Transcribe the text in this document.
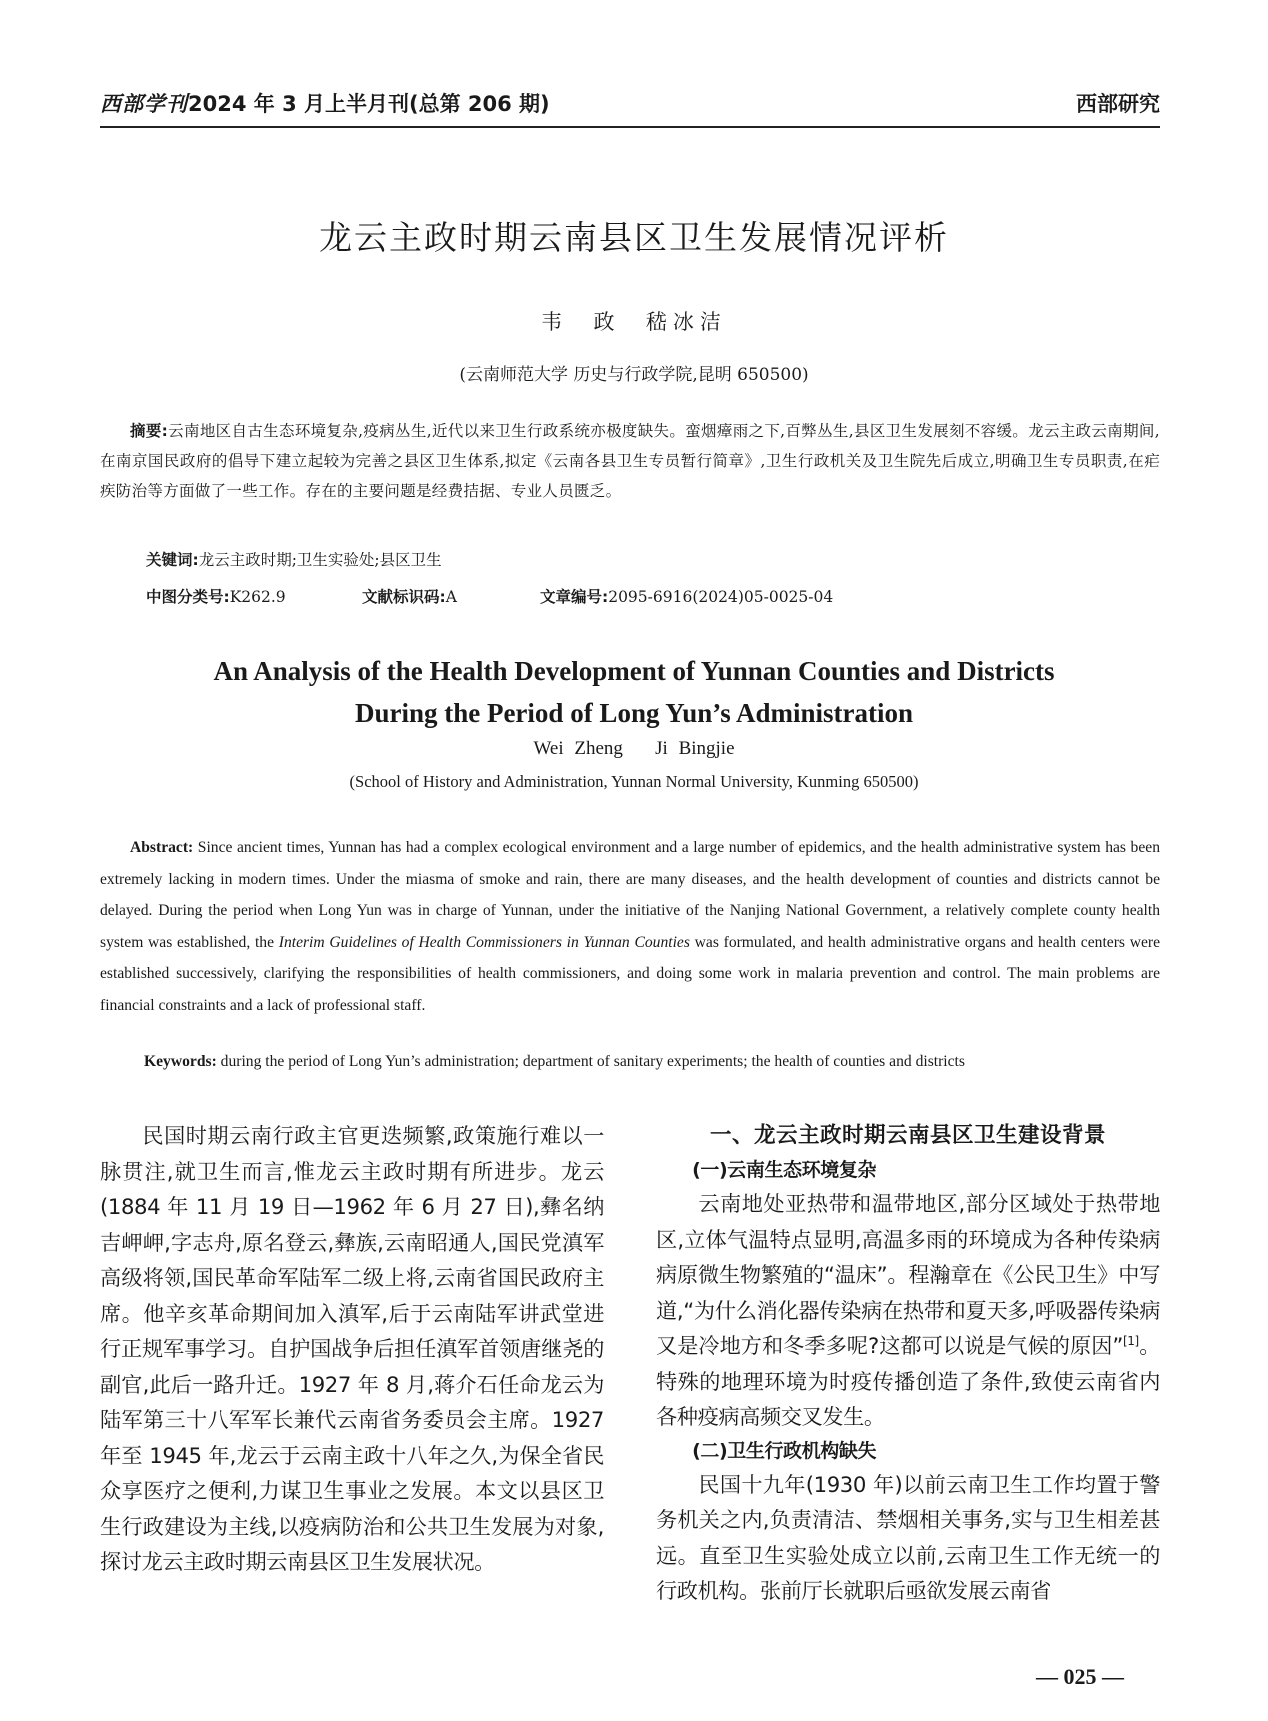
西部学刊2024 年 3 月上半月刊(总第 206 期)	西部研究
龙云主政时期云南县区卫生发展情况评析
韦  政  嵇冰洁
(云南师范大学 历史与行政学院,昆明 650500)
摘要:云南地区自古生态环境复杂,疫病丛生,近代以来卫生行政系统亦极度缺失。蛮烟瘴雨之下,百弊丛生,县区卫生发展刻不容缓。龙云主政云南期间,在南京国民政府的倡导下建立起较为完善之县区卫生体系,拟定《云南各县卫生专员暂行简章》,卫生行政机关及卫生院先后成立,明确卫生专员职责,在疟疾防治等方面做了一些工作。存在的主要问题是经费拮据、专业人员匮乏。
关键词:龙云主政时期;卫生实验处;县区卫生
中图分类号:K262.9	文献标识码:A	文章编号:2095-6916(2024)05-0025-04
An Analysis of the Health Development of Yunnan Counties and Districts
During the Period of Long Yun’s Administration
Wei Zheng   Ji Bingjie
(School of History and Administration, Yunnan Normal University, Kunming 650500)
Abstract: Since ancient times, Yunnan has had a complex ecological environment and a large number of epidemics, and the health administrative system has been extremely lacking in modern times. Under the miasma of smoke and rain, there are many diseases, and the health development of counties and districts cannot be delayed. During the period when Long Yun was in charge of Yunnan, under the initiative of the Nanjing National Government, a relatively complete county health system was established, the Interim Guidelines of Health Commissioners in Yunnan Counties was formulated, and health administrative organs and health centers were established successively, clarifying the responsibilities of health commissioners, and doing some work in malaria prevention and control. The main problems are financial constraints and a lack of professional staff.
Keywords: during the period of Long Yun’s administration; department of sanitary experiments; the health of counties and districts

民国时期云南行政主官更迭频繁,政策施行难以一脉贯注,就卫生而言,惟龙云主政时期有所进步。龙云(1884 年 11 月 19 日—1962 年 6 月 27 日),彝名纳吉岬岬,字志舟,原名登云,彝族,云南昭通人,国民党滇军高级将领,国民革命军陆军二级上将,云南省国民政府主席。他辛亥革命期间加入滇军,后于云南陆军讲武堂进行正规军事学习。自护国战争后担任滇军首领唐继尧的副官,此后一路升迁。1927 年 8 月,蒋介石任命龙云为陆军第三十八军军长兼代云南省务委员会主席。1927 年至 1945 年,龙云于云南主政十八年之久,为保全省民众享医疗之便利,力谋卫生事业之发展。本文以县区卫生行政建设为主线,以疫病防治和公共卫生发展为对象,探讨龙云主政时期云南县区卫生发展状况。

一、龙云主政时期云南县区卫生建设背景
(一)云南生态环境复杂

云南地处亚热带和温带地区,部分区域处于热带地区,立体气温特点显明,高温多雨的环境成为各种传染病病原微生物繁殖的“温床”。程瀚章在《公民卫生》中写道,“为什么消化器传染病在热带和夏天多,呼吸器传染病又是冷地方和冬季多呢?这都可以说是气候的原因”[1]。特殊的地理环境为时疫传播创造了条件,致使云南省内各种疫病高频交叉发生。

(二)卫生行政机构缺失

民国十九年(1930 年)以前云南卫生工作均置于警务机关之内,负责清洁、禁烟相关事务,实与卫生相差甚远。直至卫生实验处成立以前,云南卫生工作无统一的行政机构。张前厅长就职后亟欲发展云南省

— 025 —
